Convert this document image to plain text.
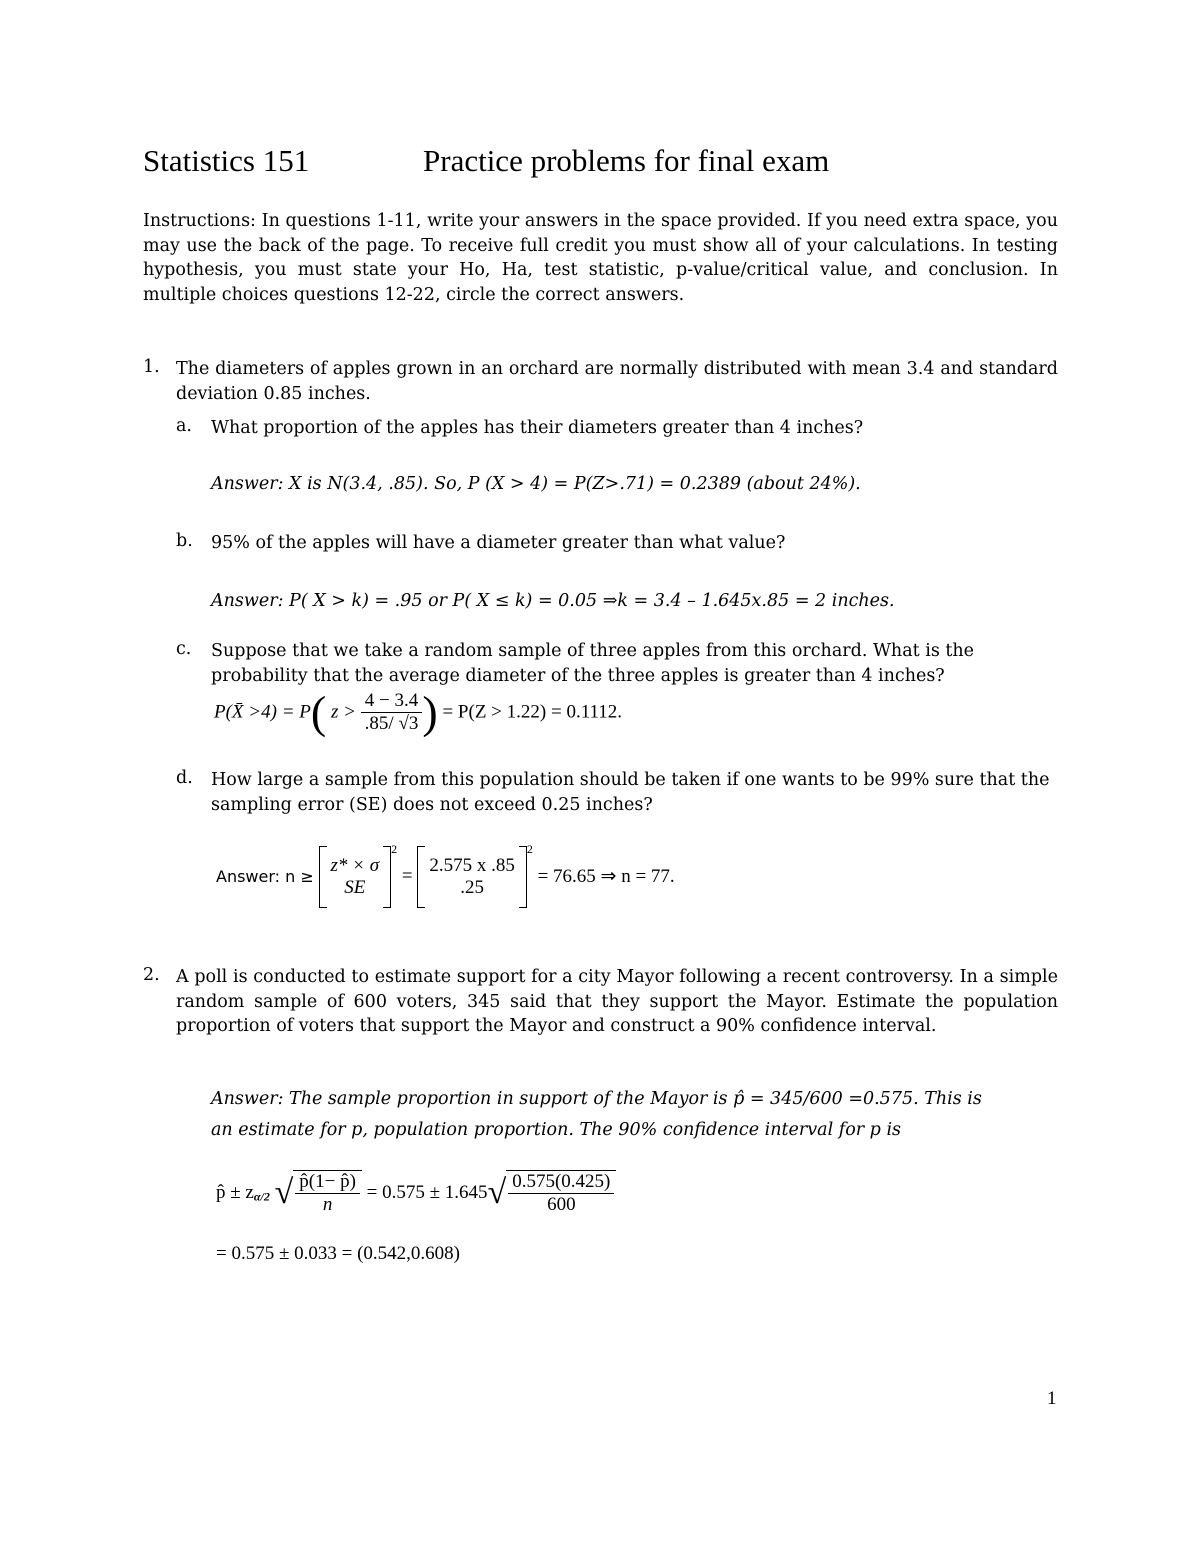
Statistics 151	Practice problems for final exam
Instructions: In questions 1-11, write your answers in the space provided. If you need extra space, you may use the back of the page. To receive full credit you must show all of your calculations. In testing hypothesis, you must state your Ho, Ha, test statistic, p-value/critical value, and conclusion. In multiple choices questions 12-22, circle the correct answers.
1. The diameters of apples grown in an orchard are normally distributed with mean 3.4 and standard deviation 0.85 inches.
a. What proportion of the apples has their diameters greater than 4 inches?
Answer: X is N(3.4, .85). So, P (X > 4) = P(Z>.71) = 0.2389 (about 24%).
b. 95% of the apples will have a diameter greater than what value?
Answer: P( X > k) = .95 or P( X ≤ k) = 0.05 ⇒k = 3.4 – 1.645x.85 = 2 inches.
c. Suppose that we take a random sample of three apples from this orchard. What is the probability that the average diameter of the three apples is greater than 4 inches?
P(X̄ >4) = P( $z > \frac{4 - 3.4}{.85/ √3}$ ) = P(Z > 1.22) = 0.1112.
d. How large a sample from this population should be taken if one wants to be 99% sure that the sampling error (SE) does not exceed 0.25 inches?
Answer: n ≥
z* × σ
SE
$^2$ =
2.575 x .85
.25
$^2$ = 76.65 ⇒ n = 77.
2. A poll is conducted to estimate support for a city Mayor following a recent controversy. In a simple random sample of 600 voters, 345 said that they support the Mayor. Estimate the population proportion of voters that support the Mayor and construct a 90% confidence interval.
Answer: The sample proportion in support of the Mayor is p̂ = 345/600 =0.575. This is
an estimate for p, population proportion. The 90% confidence interval for p is
p̂ ± $z_{\alpha/2}$ √ $\frac{p̂(1- p̂)}{n} = 0.575 \pm 1.645√ \frac{0.575(0.425)}{600}$
= 0.575 ± 0.033 = (0.542,0.608)
1
